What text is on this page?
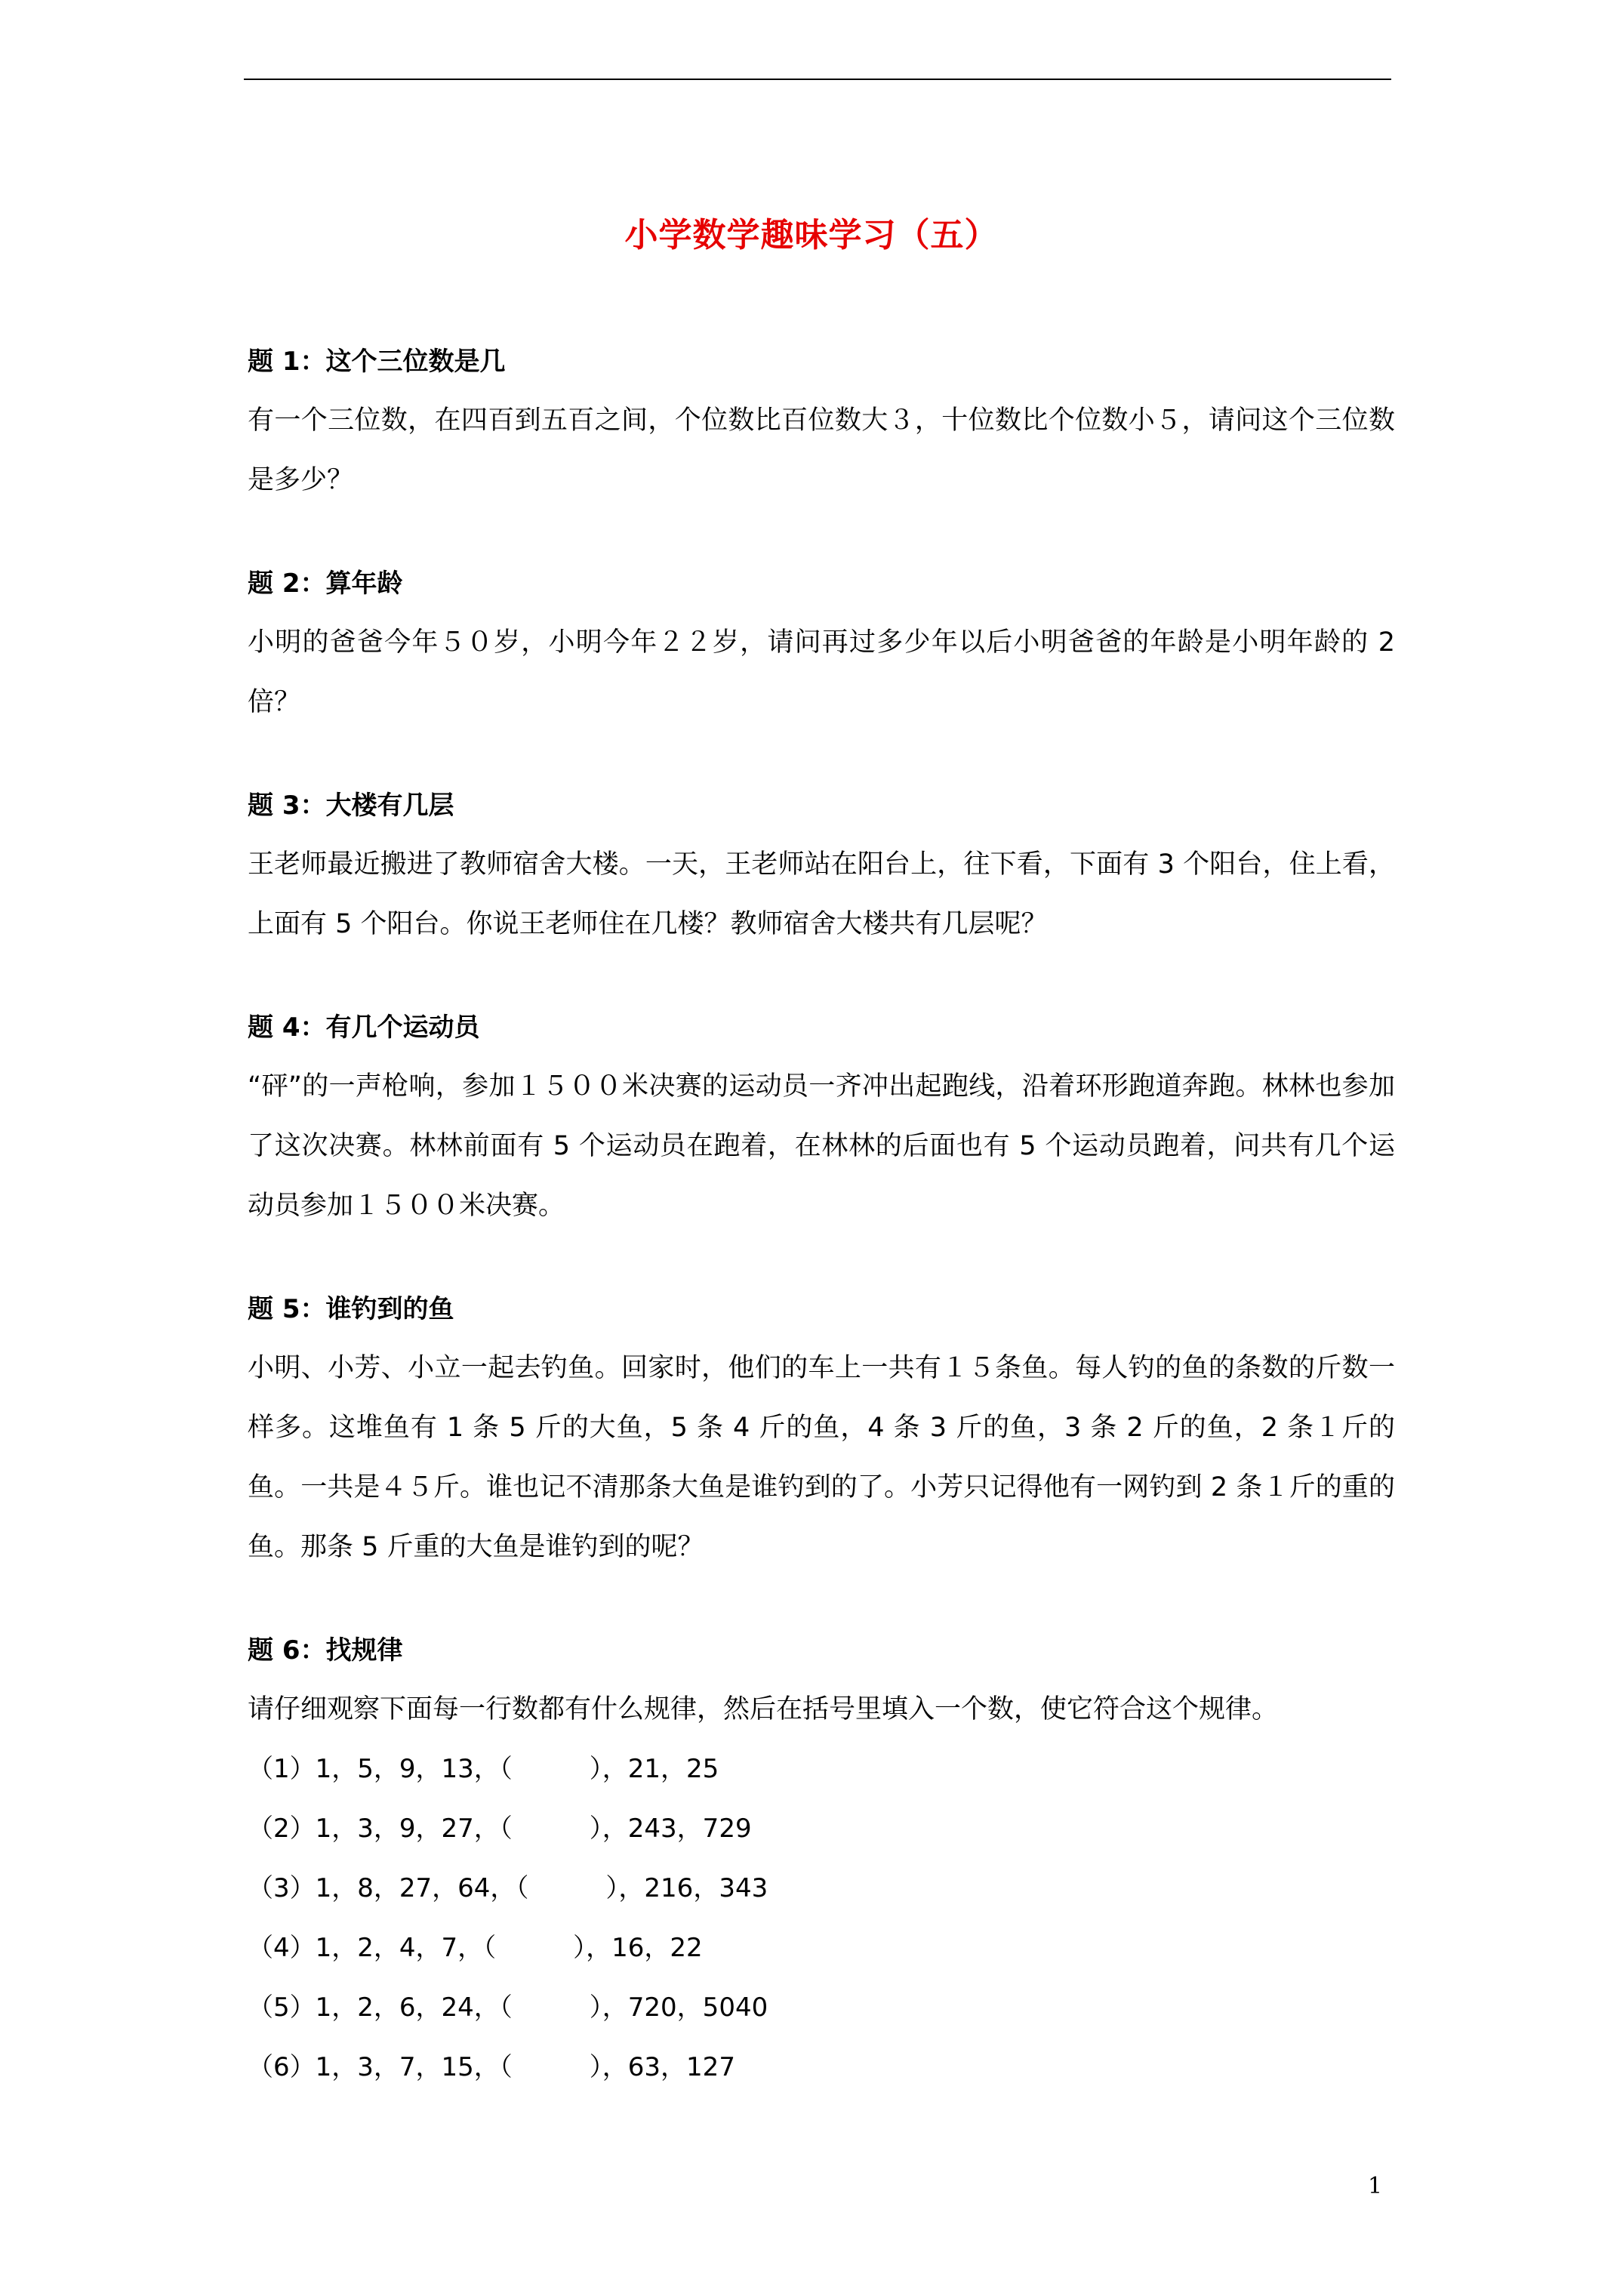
小学数学趣味学习（五）
题 1：这个三位数是几
有一个三位数，在四百到五百之间，个位数比百位数大３，十位数比个位数小５，请问这个三位数是多少？
题 2：算年龄
小明的爸爸今年５０岁，小明今年２２岁，请问再过多少年以后小明爸爸的年龄是小明年龄的 2 倍？
题 3：大楼有几层
王老师最近搬进了教师宿舍大楼。一天，王老师站在阳台上，往下看，下面有 3 个阳台，住上看，上面有 5 个阳台。你说王老师住在几楼？教师宿舍大楼共有几层呢？
题 4：有几个运动员
“砰”的一声枪响，参加１５００米决赛的运动员一齐冲出起跑线，沿着环形跑道奔跑。林林也参加了这次决赛。林林前面有 5 个运动员在跑着，在林林的后面也有 5 个运动员跑着，问共有几个运动员参加１５００米决赛。
题 5：谁钓到的鱼
小明、小芳、小立一起去钓鱼。回家时，他们的车上一共有１５条鱼。每人钓的鱼的条数的斤数一样多。这堆鱼有 1 条 5 斤的大鱼，5 条 4 斤的鱼，4 条 3 斤的鱼，3 条 2 斤的鱼，2 条１斤的鱼。一共是４５斤。谁也记不清那条大鱼是谁钓到的了。小芳只记得他有一网钓到 2 条１斤的重的鱼。那条 5 斤重的大鱼是谁钓到的呢？
题 6：找规律
请仔细观察下面每一行数都有什么规律，然后在括号里填入一个数，使它符合这个规律。
（1）1，5，9，13，（　　　），21，25
（2）1，3，9，27，（　　　），243，729
（3）1，8，27，64，（　　　），216，343
（4）1，2，4，7，（　　　），16，22
（5）1，2，6，24，（　　　），720，5040
（6）1，3，7，15，（　　　），63，127
1
